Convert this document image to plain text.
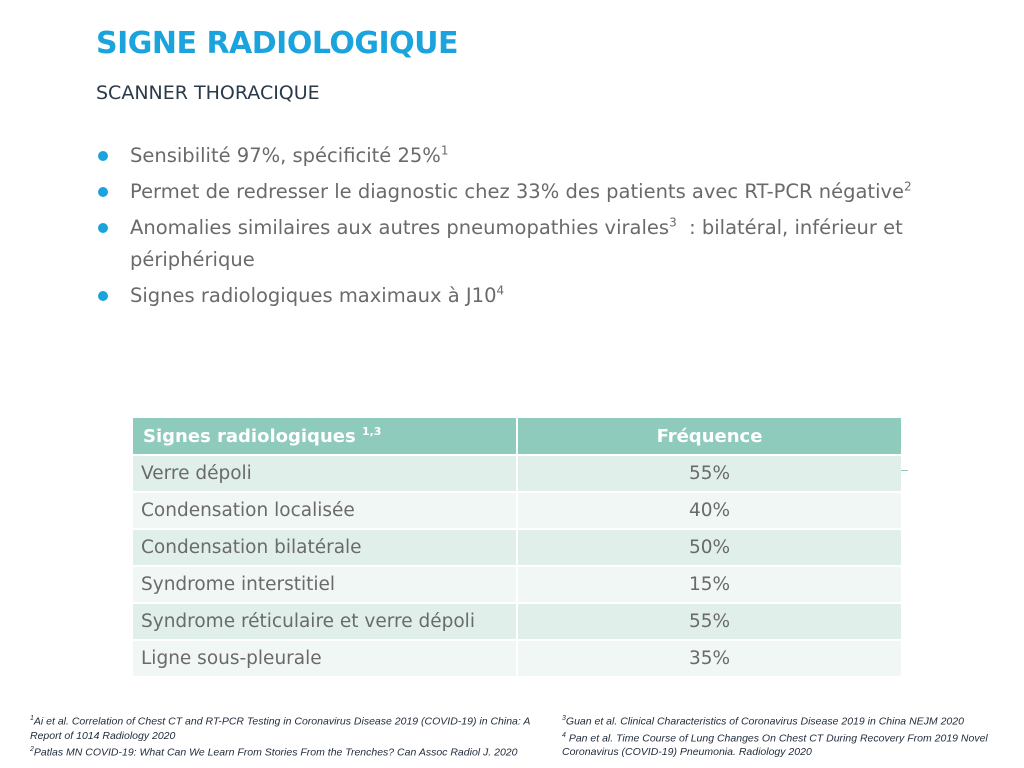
SIGNE RADIOLOGIQUE
SCANNER THORACIQUE
Sensibilité 97%, spécificité 25%$^1$
Permet de redresser le diagnostic chez 33% des patients avec RT-PCR négative$^2$
Anomalies similaires aux autres pneumopathies virales$^3$  : bilatéral, inférieur et périphérique
Signes radiologiques maximaux à $J10^4$
Signes radiologiques $^{1,3}$	Fréquence
Verre dépoli	55%
Condensation localisée	40%
Condensation bilatérale	50%
Syndrome interstitiel	15%
Syndrome réticulaire et verre dépoli	55%
Ligne sous-pleurale	35%

$^1$Ai et al. Correlation of Chest CT and RT-PCR Testing in Coronavirus Disease 2019 (COVID-19) in China: A Report of 1014 Radiology 2020

$^2$Patlas MN COVID-19: What Can We Learn From Stories From the Trenches? Can Assoc Radiol J. 2020

$^3$Guan et al. Clinical Characteristics of Coronavirus Disease 2019 in China NEJM 2020

$^4$ Pan et al. Time Course of Lung Changes On Chest CT During Recovery From 2019 Novel Coronavirus (COVID-19) Pneumonia. Radiology 2020
